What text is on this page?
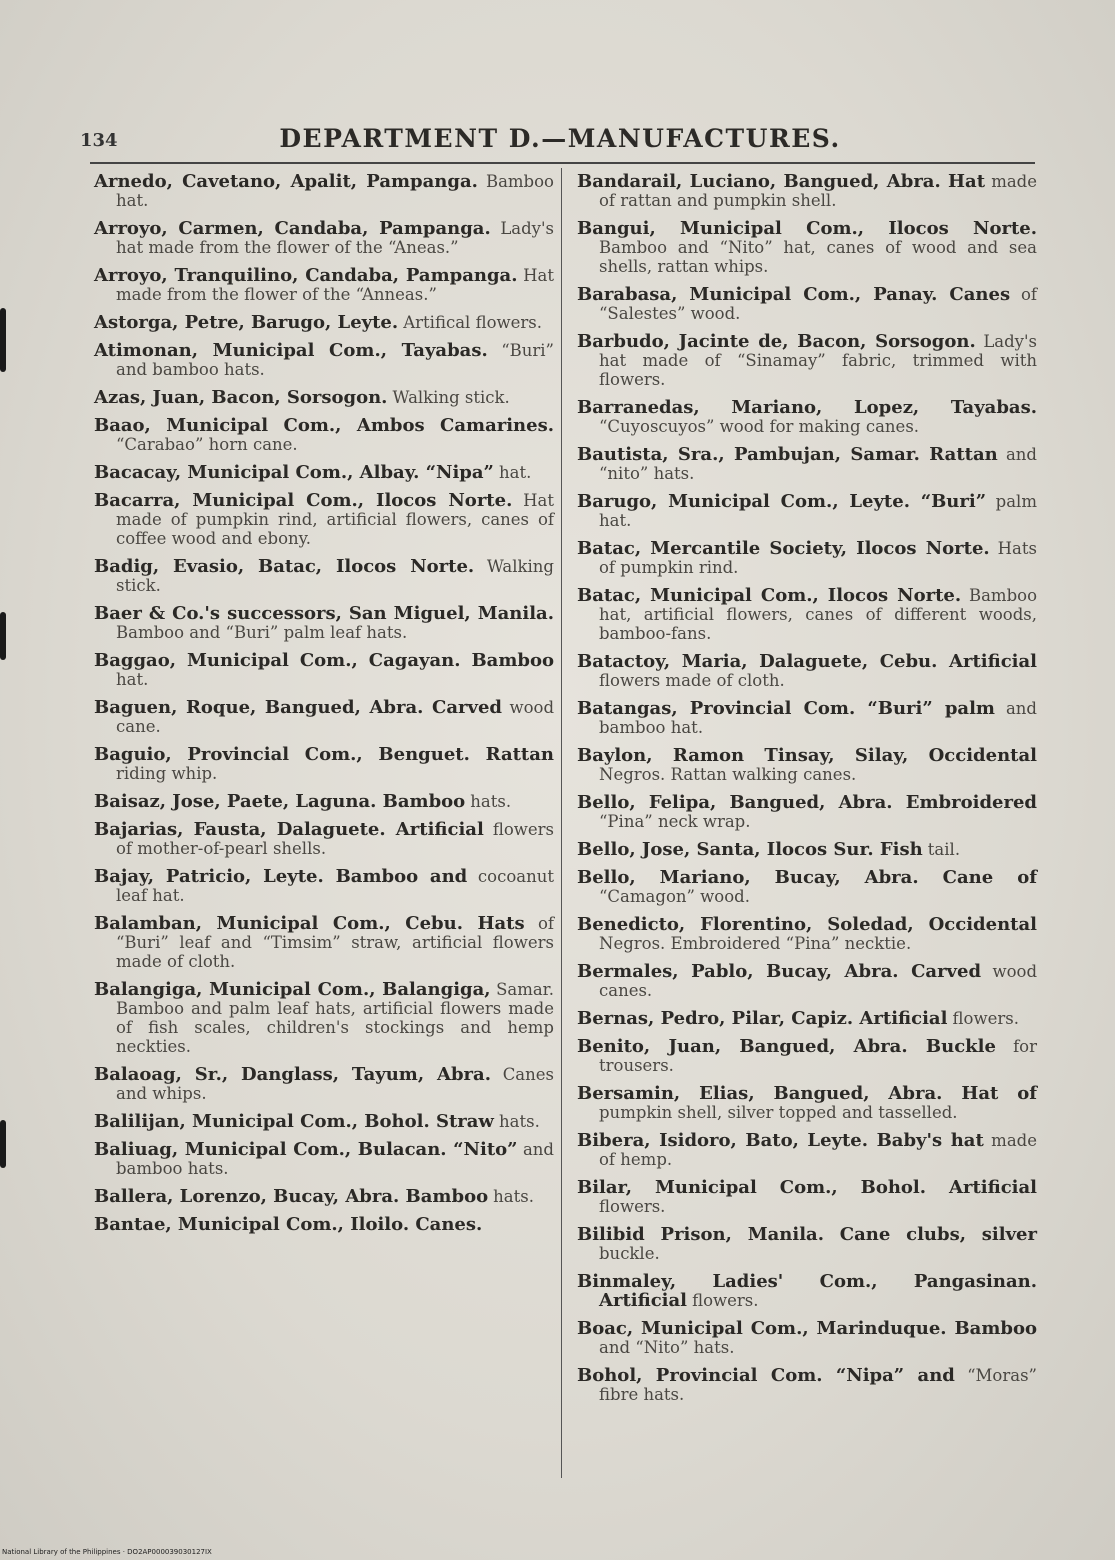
134	DEPARTMENT D.—MANUFACTURES.
Arnedo, Cavetano, Apalit, Pampanga. Bamboo hat.
Arroyo, Carmen, Candaba, Pampanga. Lady's hat made from the flower of the “Aneas.”
Arroyo, Tranquilino, Candaba, Pampanga. Hat made from the flower of the “Anneas.”
Astorga, Petre, Barugo, Leyte. Artifical flowers.
Atimonan, Municipal Com., Tayabas. “Buri” and bamboo hats.
Azas, Juan, Bacon, Sorsogon. Walking stick.
Baao, Municipal Com., Ambos Camarines. “Carabao” horn cane.
Bacacay, Municipal Com., Albay. “Nipa” hat.
Bacarra, Municipal Com., Ilocos Norte. Hat made of pumpkin rind, artificial flowers, canes of coffee wood and ebony.
Badig, Evasio, Batac, Ilocos Norte. Walking stick.
Baer & Co.'s successors, San Miguel, Manila. Bamboo and “Buri” palm leaf hats.
Baggao, Municipal Com., Cagayan. Bamboo hat.
Baguen, Roque, Bangued, Abra. Carved wood cane.
Baguio, Provincial Com., Benguet. Rattan riding whip.
Baisaz, Jose, Paete, Laguna. Bamboo hats.
Bajarias, Fausta, Dalaguete. Artificial flowers of mother-of-pearl shells.
Bajay, Patricio, Leyte. Bamboo and cocoanut leaf hat.
Balamban, Municipal Com., Cebu. Hats of “Buri” leaf and “Timsim” straw, artificial flowers made of cloth.
Balangiga, Municipal Com., Balangiga, Samar. Bamboo and palm leaf hats, artificial flowers made of fish scales, children's stockings and hemp neckties.
Balaoag, Sr., Danglass, Tayum, Abra. Canes and whips.
Balilijan, Municipal Com., Bohol. Straw hats.
Baliuag, Municipal Com., Bulacan. “Nito” and bamboo hats.
Ballera, Lorenzo, Bucay, Abra. Bamboo hats.
Bantae, Municipal Com., Iloilo. Canes.
Bandarail, Luciano, Bangued, Abra. Hat made of rattan and pumpkin shell.
Bangui, Municipal Com., Ilocos Norte. Bamboo and “Nito” hat, canes of wood and sea shells, rattan whips.
Barabasa, Municipal Com., Panay. Canes of “Salestes” wood.
Barbudo, Jacinte de, Bacon, Sorsogon. Lady's hat made of “Sinamay” fabric, trimmed with flowers.
Barranedas, Mariano, Lopez, Tayabas. “Cuyoscuyos” wood for making canes.
Bautista, Sra., Pambujan, Samar. Rattan and “nito” hats.
Barugo, Municipal Com., Leyte. “Buri” palm hat.
Batac, Mercantile Society, Ilocos Norte. Hats of pumpkin rind.
Batac, Municipal Com., Ilocos Norte. Bamboo hat, artificial flowers, canes of different woods, bamboo-fans.
Batactoy, Maria, Dalaguete, Cebu. Artificial flowers made of cloth.
Batangas, Provincial Com. “Buri” palm and bamboo hat.
Baylon, Ramon Tinsay, Silay, Occidental Negros. Rattan walking canes.
Bello, Felipa, Bangued, Abra. Embroidered “Pina” neck wrap.
Bello, Jose, Santa, Ilocos Sur. Fish tail.
Bello, Mariano, Bucay, Abra. Cane of “Camagon” wood.
Benedicto, Florentino, Soledad, Occidental Negros. Embroidered “Pina” necktie.
Bermales, Pablo, Bucay, Abra. Carved wood canes.
Bernas, Pedro, Pilar, Capiz. Artificial flowers.
Benito, Juan, Bangued, Abra. Buckle for trousers.
Bersamin, Elias, Bangued, Abra. Hat of pumpkin shell, silver topped and tasselled.
Bibera, Isidoro, Bato, Leyte. Baby's hat made of hemp.
Bilar, Municipal Com., Bohol. Artificial flowers.
Bilibid Prison, Manila. Cane clubs, silver buckle.
Binmaley, Ladies' Com., Pangasinan. Artificial flowers.
Boac, Municipal Com., Marinduque. Bamboo and “Nito” hats.
Bohol, Provincial Com. “Nipa” and “Moras” fibre hats.
National Library of the Philippines · DO2AP000039030127IX
